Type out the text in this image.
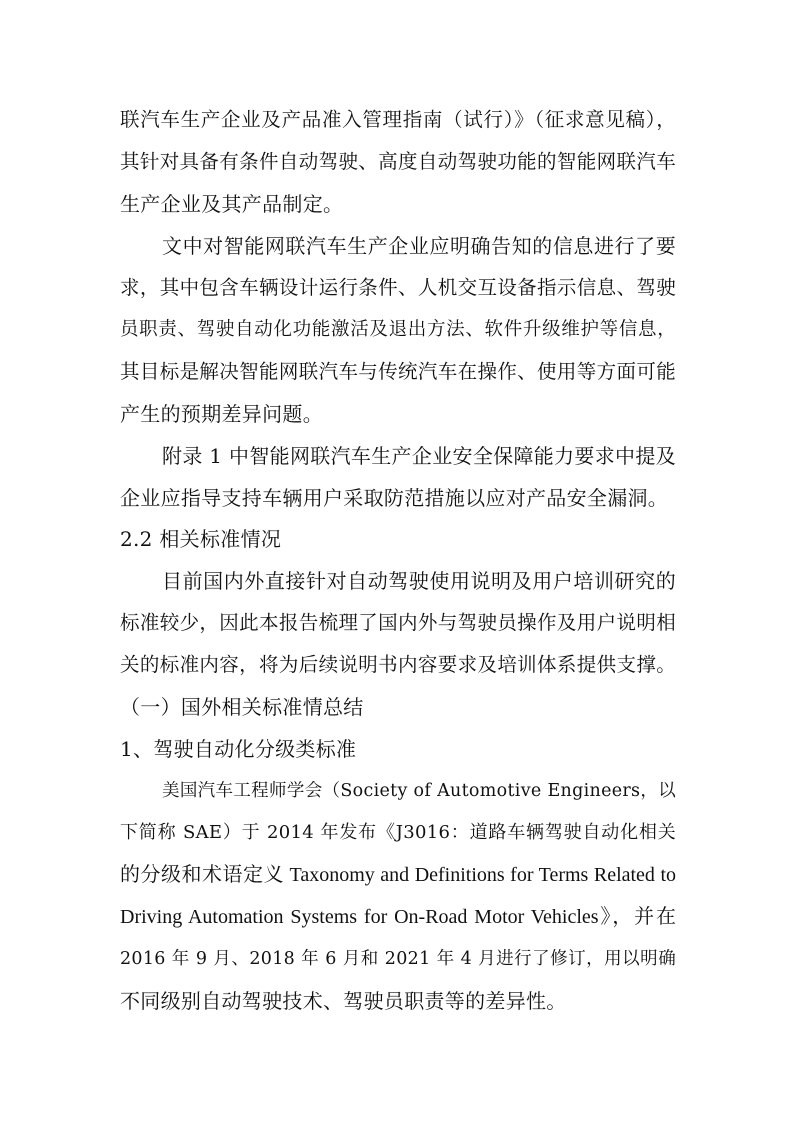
联汽车生产企业及产品准入管理指南（试行）》（征求意见稿），
其针对具备有条件自动驾驶、高度自动驾驶功能的智能网联汽车
生产企业及其产品制定。
文中对智能网联汽车生产企业应明确告知的信息进行了要
求，其中包含车辆设计运行条件、人机交互设备指示信息、驾驶
员职责、驾驶自动化功能激活及退出方法、软件升级维护等信息，
其目标是解决智能网联汽车与传统汽车在操作、使用等方面可能
产生的预期差异问题。
附录 1 中智能网联汽车生产企业安全保障能力要求中提及
企业应指导支持车辆用户采取防范措施以应对产品安全漏洞。
2.2 相关标准情况
目前国内外直接针对自动驾驶使用说明及用户培训研究的
标准较少，因此本报告梳理了国内外与驾驶员操作及用户说明相
关的标准内容，将为后续说明书内容要求及培训体系提供支撑。
（一）国外相关标准情总结
1、驾驶自动化分级类标准
美国汽车工程师学会（Society of Automotive Engineers，以
下简称 SAE）于 2014 年发布《J3016：道路车辆驾驶自动化相关
的分级和术语定义 Taxonomy and Definitions for Terms Related to
Driving Automation Systems for On-Road Motor Vehicles》，并在
2016 年 9 月、2018 年 6 月和 2021 年 4 月进行了修订，用以明确
不同级别自动驾驶技术、驾驶员职责等的差异性。
